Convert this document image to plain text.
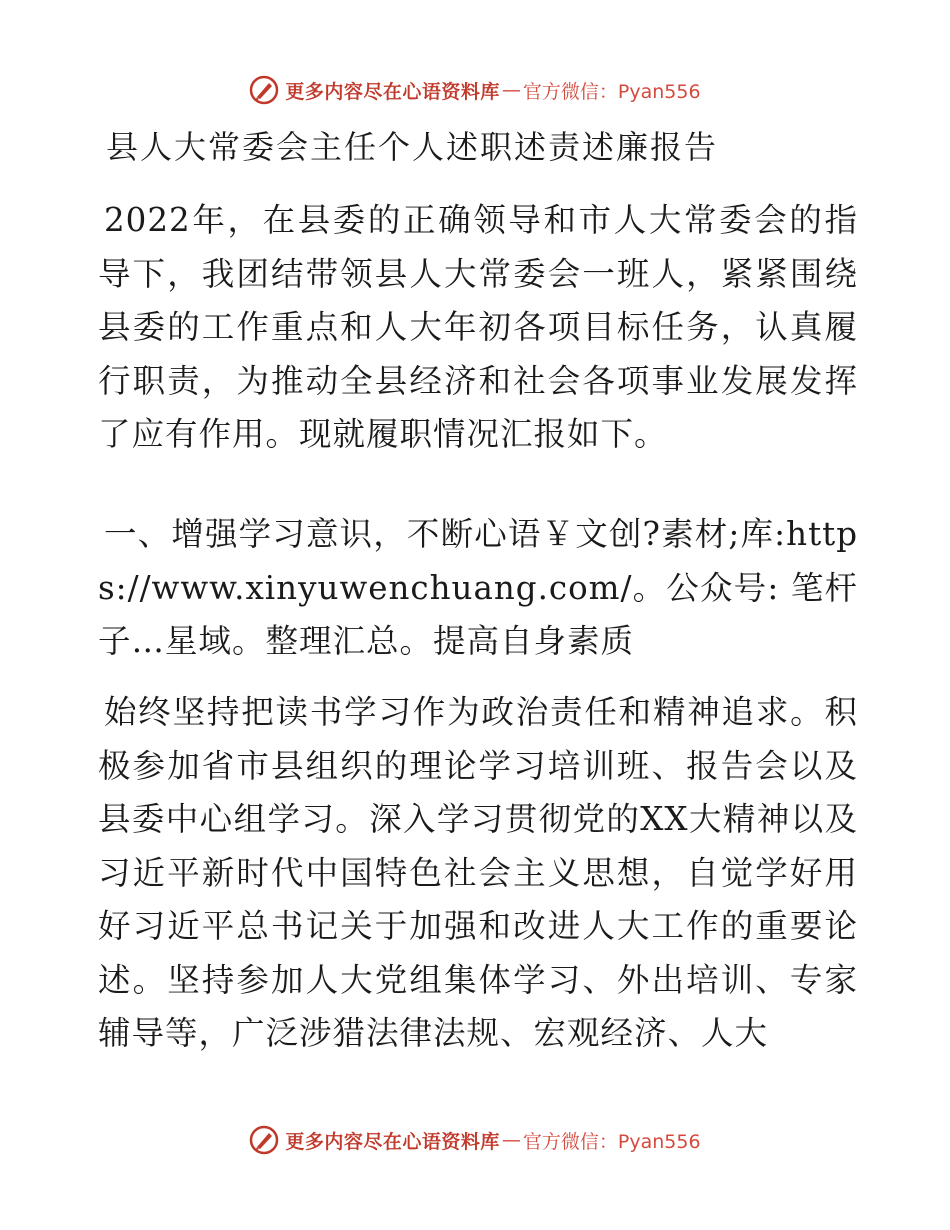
更多内容尽在心语资料库 — 官方微信：Pyan556
县人大常委会主任个人述职述责述廉报告

2022年，在县委的正确领导和市人大常委会的指导下，我团结带领县人大常委会一班人，紧紧围绕县委的工作重点和人大年初各项目标任务，认真履行职责，为推动全县经济和社会各项事业发展发挥了应有作用。现就履职情况汇报如下。

一、增强学习意识，不断心语￥文创?素材;库:https://www.xinyuwenchuang.com/。公众号: 笔杆子…星域。整理汇总。提高自身素质

始终坚持把读书学习作为政治责任和精神追求。积极参加省市县组织的理论学习培训班、报告会以及县委中心组学习。深入学习贯彻党的XX大精神以及习近平新时代中国特色社会主义思想，自觉学好用好习近平总书记关于加强和改进人大工作的重要论述。坚持参加人大党组集体学习、外出培训、专家辅导等，广泛涉猎法律法规、宏观经济、人大

更多内容尽在心语资料库 — 官方微信：Pyan556
